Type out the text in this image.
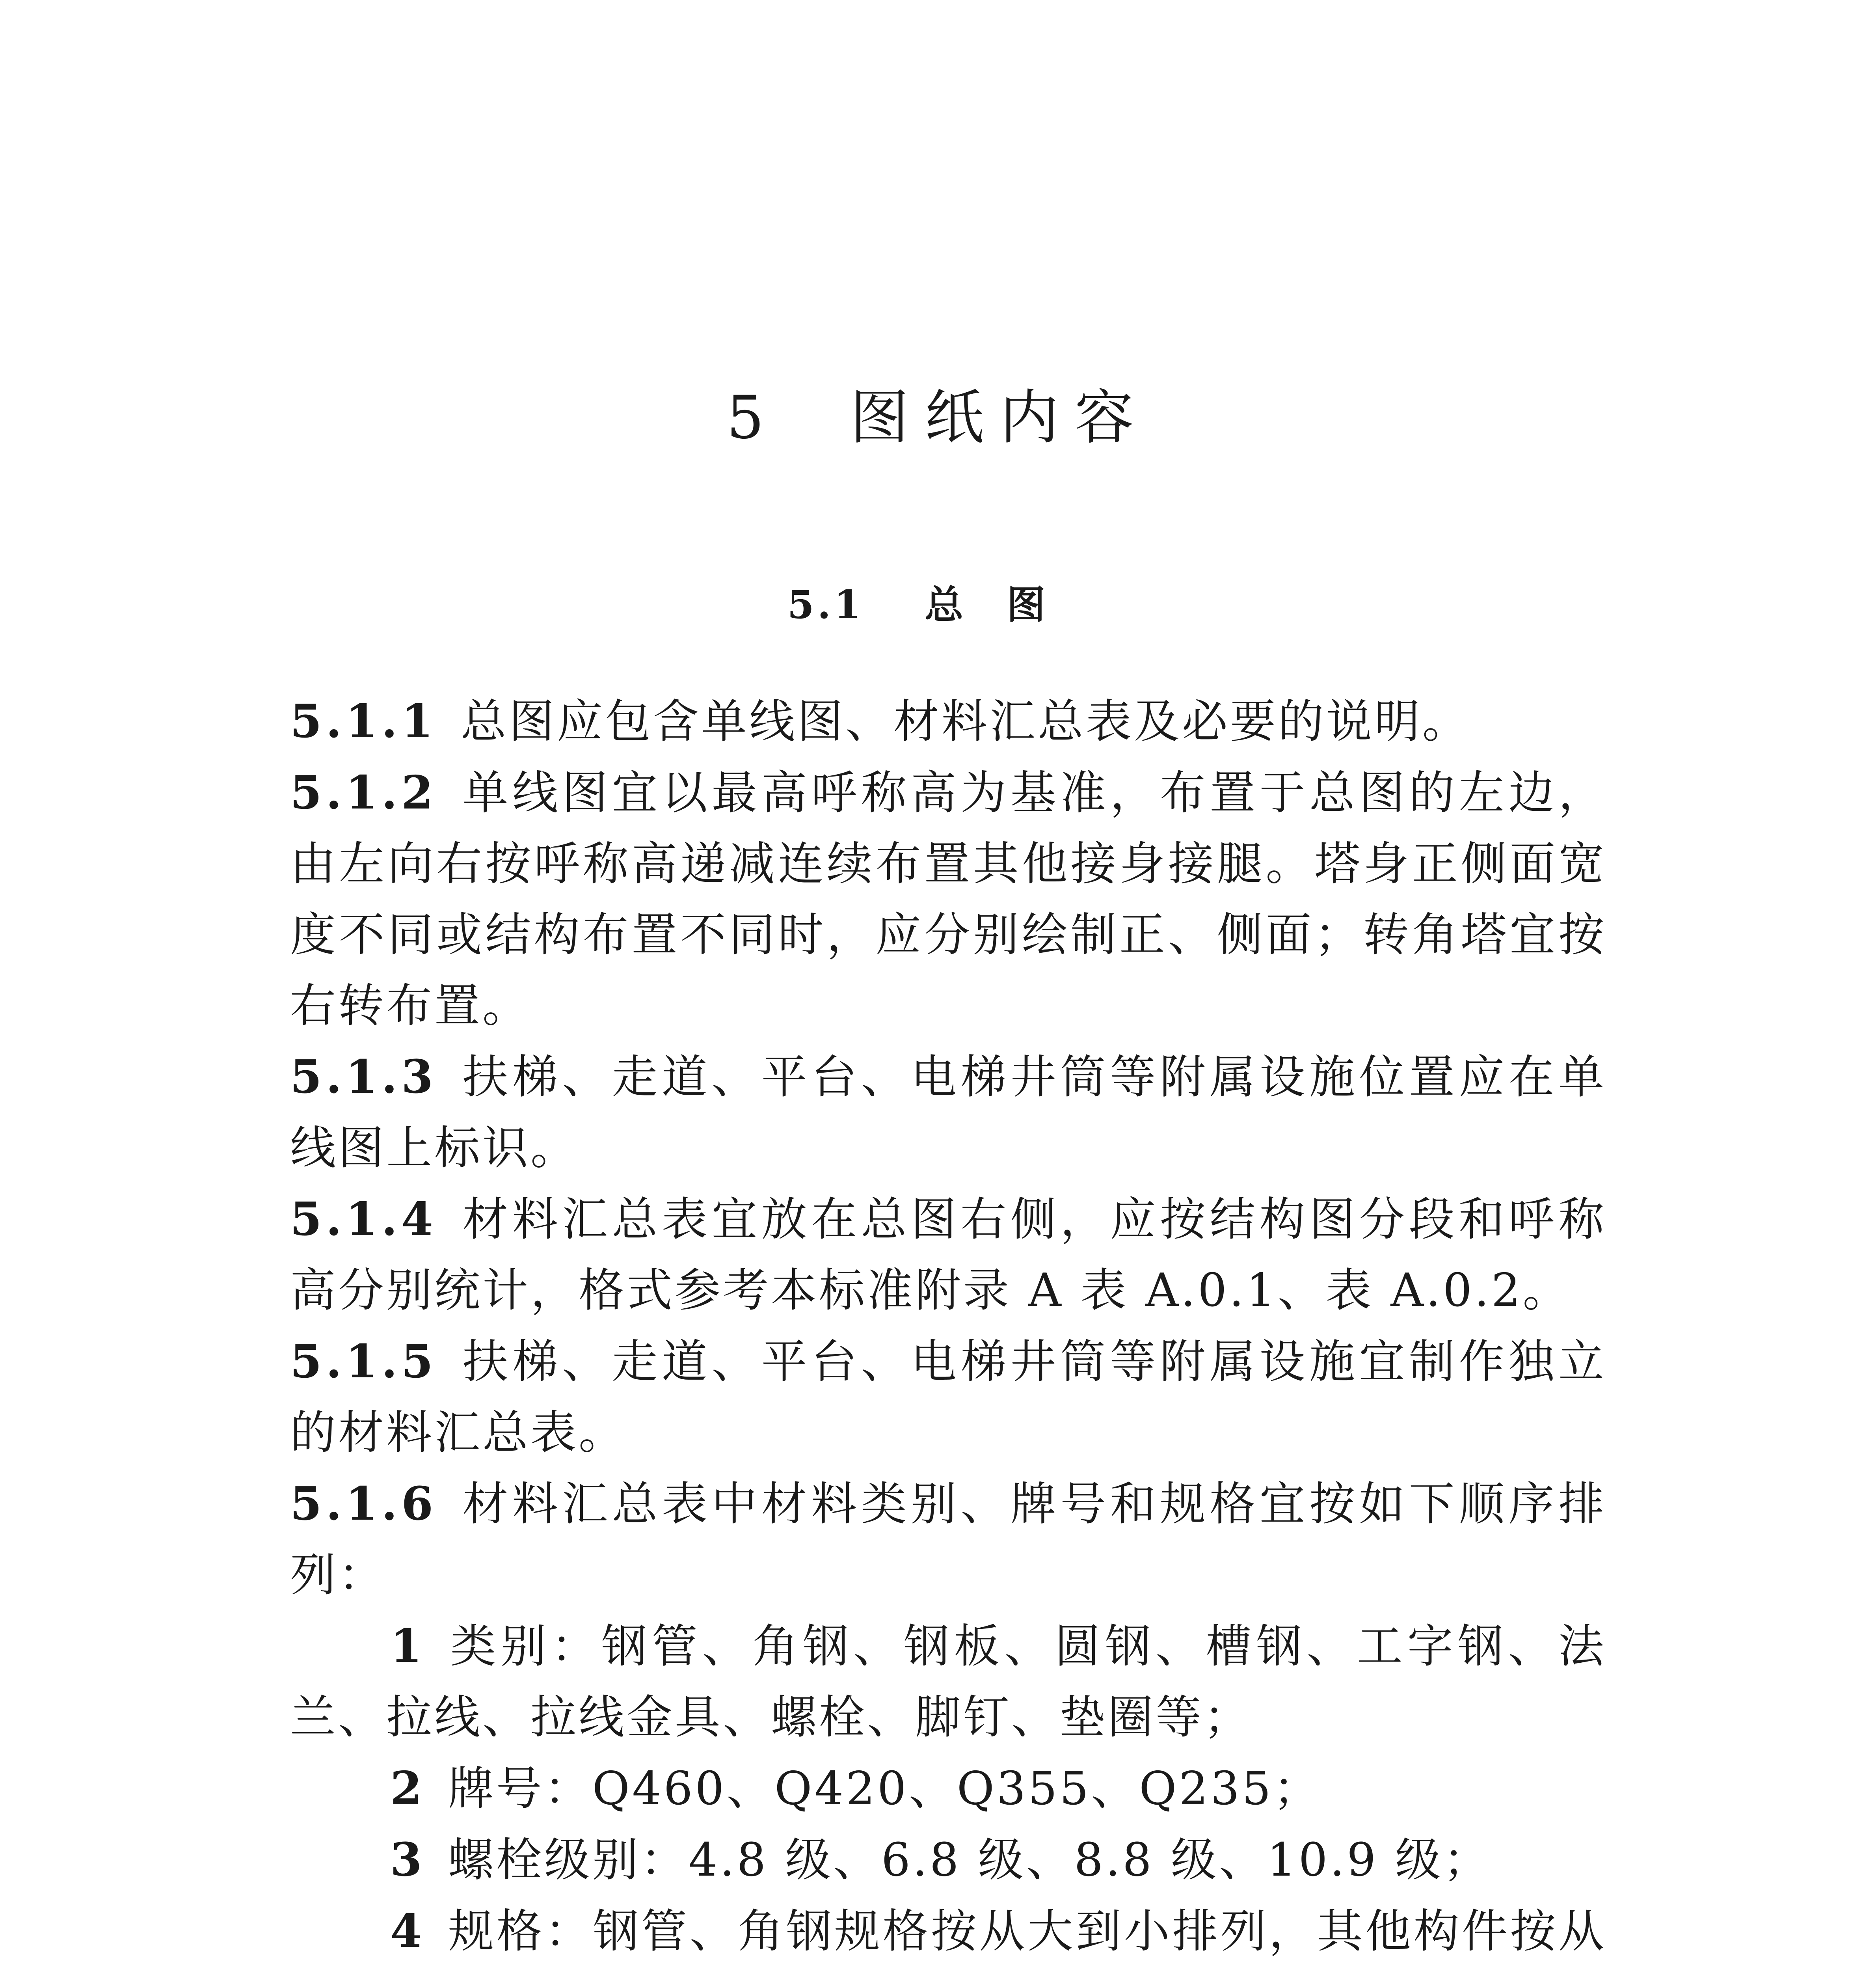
5 图纸内容
5.1 总图

5.1.1 总图应包含单线图、材料汇总表及必要的说明。

5.1.2 单线图宜以最高呼称高为基准，布置于总图的左边，由左向右按呼称高递减连续布置其他接身接腿。塔身正侧面宽度不同或结构布置不同时，应分别绘制正、侧面；转角塔宜按右转布置。

5.1.3 扶梯、走道、平台、电梯井筒等附属设施位置应在单线图上标识。

5.1.4 材料汇总表宜放在总图右侧，应按结构图分段和呼称高分别统计，格式参考本标准附录 A 表 A.0.1、表 A.0.2。

5.1.5 扶梯、走道、平台、电梯井筒等附属设施宜制作独立的材料汇总表。

5.1.6 材料汇总表中材料类别、牌号和规格宜按如下顺序排列：

1 类别：钢管、角钢、钢板、圆钢、槽钢、工字钢、法兰、拉线、拉线金具、螺栓、脚钉、垫圈等；

2 牌号：Q460、Q420、Q355、Q235；

3 螺栓级别：4.8 级、6.8 级、8.8 级、10.9 级；

4 规格：钢管、角钢规格按从大到小排列，其他构件按从
